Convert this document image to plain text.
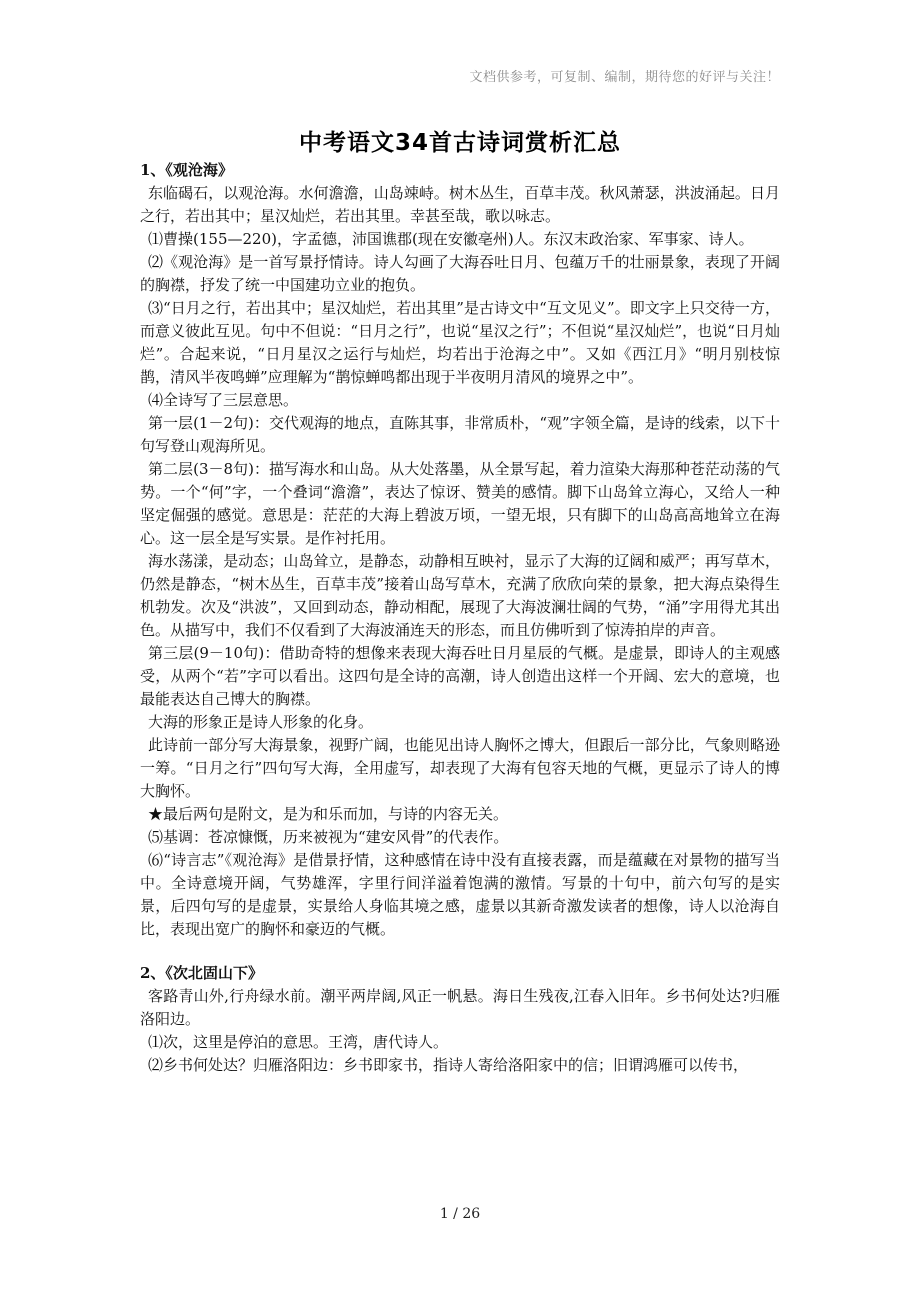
文档供参考，可复制、编制，期待您的好评与关注！
中考语文34首古诗词赏析汇总
1、《观沧海》

东临碣石，以观沧海。水何澹澹，山岛竦峙。树木丛生，百草丰茂。秋风萧瑟，洪波涌起。日月之行，若出其中；星汉灿烂，若出其里。幸甚至哉，歌以咏志。

⑴曹操(155—220)，字孟德，沛国谯郡(现在安徽亳州)人。东汉末政治家、军事家、诗人。

⑵《观沧海》是一首写景抒情诗。诗人勾画了大海吞吐日月、包蕴万千的壮丽景象，表现了开阔的胸襟，抒发了统一中国建功立业的抱负。

⑶“日月之行，若出其中；星汉灿烂，若出其里”是古诗文中“互文见义”。即文字上只交待一方，而意义彼此互见。句中不但说：“日月之行”，也说“星汉之行”；不但说“星汉灿烂”，也说“日月灿烂”。合起来说，“日月星汉之运行与灿烂，均若出于沧海之中”。又如《西江月》“明月别枝惊鹊，清风半夜鸣蝉”应理解为“鹊惊蝉鸣都出现于半夜明月清风的境界之中”。

⑷全诗写了三层意思。

第一层(1－2句)：交代观海的地点，直陈其事，非常质朴，“观”字领全篇，是诗的线索，以下十句写登山观海所见。

第二层(3－8句)：描写海水和山岛。从大处落墨，从全景写起，着力渲染大海那种苍茫动荡的气势。一个“何”字，一个叠词“澹澹”，表达了惊讶、赞美的感情。脚下山岛耸立海心，又给人一种坚定倔强的感觉。意思是：茫茫的大海上碧波万顷，一望无垠，只有脚下的山岛高高地耸立在海心。这一层全是写实景。是作衬托用。

海水荡漾，是动态；山岛耸立，是静态，动静相互映衬，显示了大海的辽阔和威严；再写草木，仍然是静态，“树木丛生，百草丰茂”接着山岛写草木，充满了欣欣向荣的景象，把大海点染得生机勃发。次及“洪波”，又回到动态，静动相配，展现了大海波澜壮阔的气势，“涌”字用得尤其出色。从描写中，我们不仅看到了大海波涌连天的形态，而且仿佛听到了惊涛拍岸的声音。

第三层(9－10句)：借助奇特的想像来表现大海吞吐日月星辰的气概。是虚景，即诗人的主观感受，从两个“若”字可以看出。这四句是全诗的高潮，诗人创造出这样一个开阔、宏大的意境，也最能表达自己博大的胸襟。

大海的形象正是诗人形象的化身。

此诗前一部分写大海景象，视野广阔，也能见出诗人胸怀之博大，但跟后一部分比，气象则略逊一筹。“日月之行”四句写大海，全用虚写，却表现了大海有包容天地的气概，更显示了诗人的博大胸怀。

★最后两句是附文，是为和乐而加，与诗的内容无关。

⑸基调：苍凉慷慨，历来被视为“建安风骨”的代表作。

⑹“诗言志”《观沧海》是借景抒情，这种感情在诗中没有直接表露，而是蕴藏在对景物的描写当中。全诗意境开阔，气势雄浑，字里行间洋溢着饱满的激情。写景的十句中，前六句写的是实景，后四句写的是虚景，实景给人身临其境之感，虚景以其新奇激发读者的想像，诗人以沧海自比，表现出宽广的胸怀和豪迈的气概。

2、《次北固山下》

客路青山外,行舟绿水前。潮平两岸阔,风正一帆悬。海日生残夜,江春入旧年。乡书何处达?归雁洛阳边。

⑴次，这里是停泊的意思。王湾，唐代诗人。

⑵乡书何处达？归雁洛阳边：乡书即家书，指诗人寄给洛阳家中的信；旧谓鸿雁可以传书，

1 / 26
